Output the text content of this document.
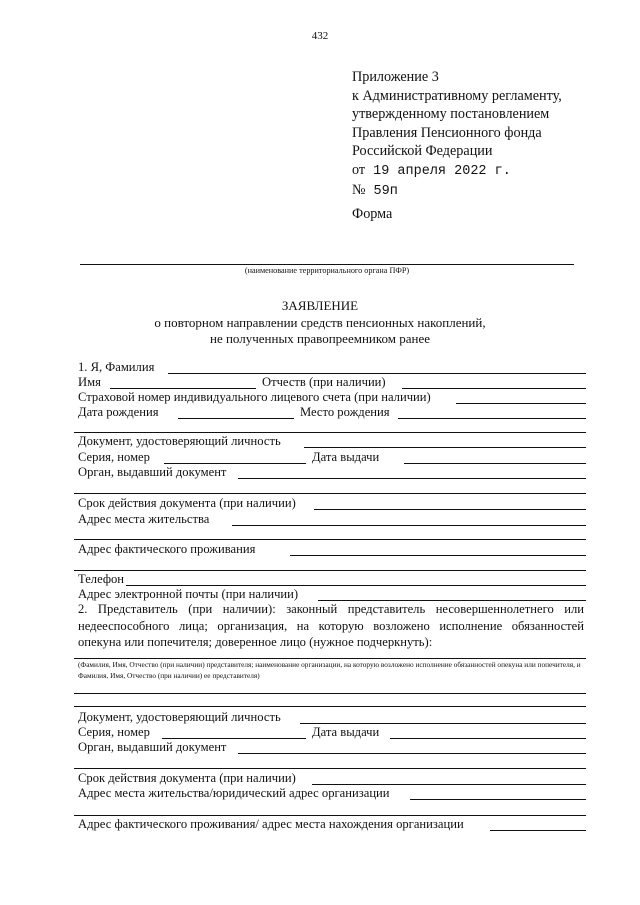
432
Приложение 3
к Административному регламенту,
утвержденному постановлением
Правления Пенсионного фонда
Российской Федерации
от 19 апреля 2022 г.
№ 59п
Форма
(наименование территориального органа ПФР)
ЗАЯВЛЕНИЕ
о повторном направлении средств пенсионных накоплений,
не полученных правопреемником ранее
1. Я, Фамилия
Имя	Отчеств (при наличии)
Страховой номер индивидуального лицевого счета (при наличии)
Дата рождения	Место рождения
Документ, удостоверяющий личность
Серия, номер	Дата выдачи
Орган, выдавший документ
Срок действия документа (при наличии)
Адрес места жительства
Адрес фактического проживания
Телефон
Адрес электронной почты (при наличии)
2. Представитель (при наличии): законный представитель несовершеннолетнего или недееспособного лица; организация, на которую возложено исполнение обязанностей опекуна или попечителя; доверенное лицо (нужное подчеркнуть):
(Фамилия, Имя, Отчество (при наличии) представителя; наименование организации, на которую возложено исполнение обязанностей опекуна или попечителя, и Фамилия, Имя, Отчество (при наличии) ее представителя)
Документ, удостоверяющий личность
Серия, номер	Дата выдачи
Орган, выдавший документ
Срок действия документа (при наличии)
Адрес места жительства/юридический адрес организации
Адрес фактического проживания/ адрес места нахождения организации
